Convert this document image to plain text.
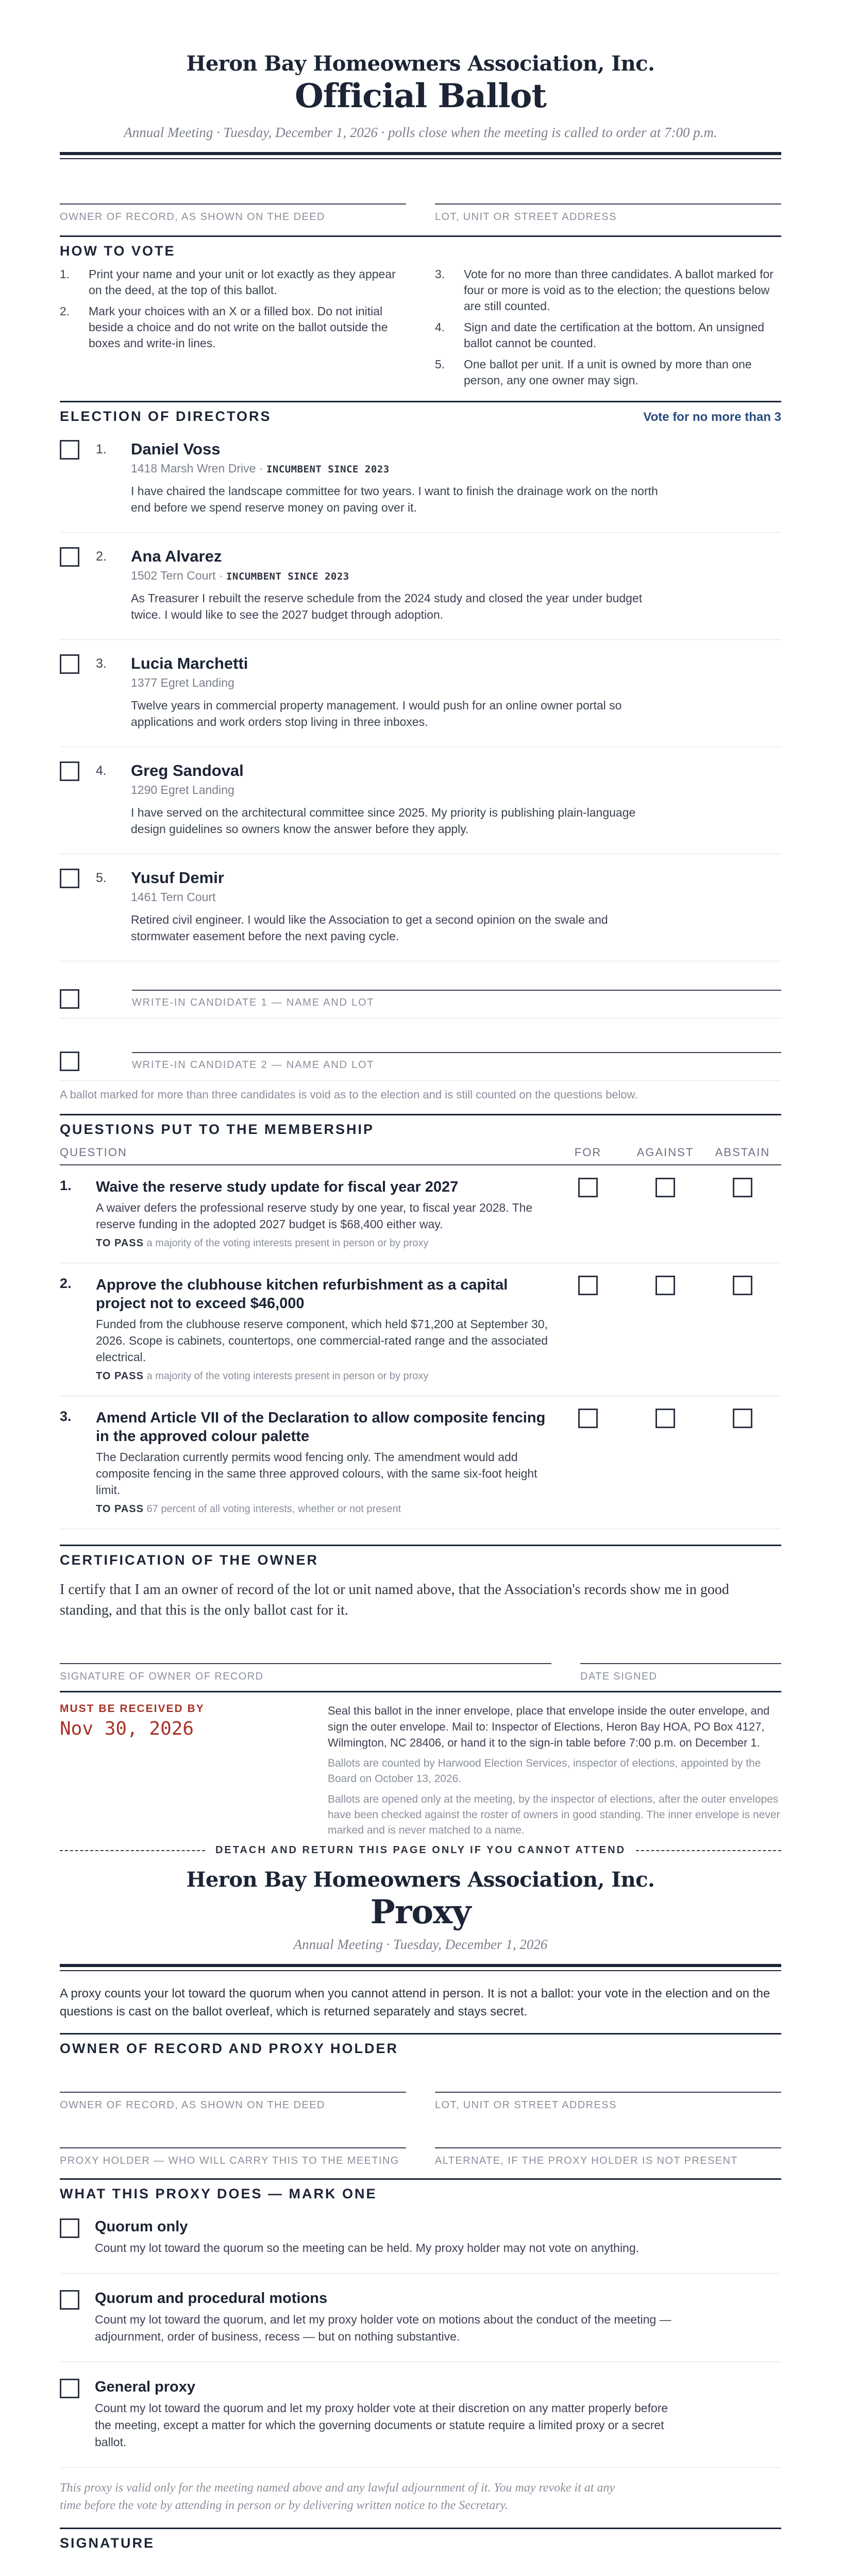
Heron Bay Homeowners Association, Inc.
Official Ballot
Annual Meeting · Tuesday, December 1, 2026 · polls close when the meeting is called to order at 7:00 p.m.
OWNER OF RECORD, AS SHOWN ON THE DEED	LOT, UNIT OR STREET ADDRESS
HOW TO VOTE
1.	Print your name and your unit or lot exactly as they appear on the deed, at the top of this ballot.
2.	Mark your choices with an X or a filled box. Do not initial beside a choice and do not write on the ballot outside the boxes and write-in lines.
3.	Vote for no more than three candidates. A ballot marked for four or more is void as to the election; the questions below are still counted.
4.	Sign and date the certification at the bottom. An unsigned ballot cannot be counted.
5.	One ballot per unit. If a unit is owned by more than one person, any one owner may sign.
ELECTION OF DIRECTORS	Vote for no more than 3
1.	Daniel Voss
1418 Marsh Wren Drive · INCUMBENT SINCE 2023
I have chaired the landscape committee for two years. I want to finish the drainage work on the north end before we spend reserve money on paving over it.
2.	Ana Alvarez
1502 Tern Court · INCUMBENT SINCE 2023
As Treasurer I rebuilt the reserve schedule from the 2024 study and closed the year under budget twice. I would like to see the 2027 budget through adoption.
3.	Lucia Marchetti
1377 Egret Landing
Twelve years in commercial property management. I would push for an online owner portal so applications and work orders stop living in three inboxes.
4.	Greg Sandoval
1290 Egret Landing
I have served on the architectural committee since 2025. My priority is publishing plain-language design guidelines so owners know the answer before they apply.
5.	Yusuf Demir
1461 Tern Court
Retired civil engineer. I would like the Association to get a second opinion on the swale and stormwater easement before the next paving cycle.
WRITE-IN CANDIDATE 1 — NAME AND LOT
WRITE-IN CANDIDATE 2 — NAME AND LOT
A ballot marked for more than three candidates is void as to the election and is still counted on the questions below.
QUESTIONS PUT TO THE MEMBERSHIP
QUESTION	FOR	AGAINST	ABSTAIN
1.	Waive the reserve study update for fiscal year 2027
A waiver defers the professional reserve study by one year, to fiscal year 2028. The reserve funding in the adopted 2027 budget is $68,400 either way.
TO PASS a majority of the voting interests present in person or by proxy
2.	Approve the clubhouse kitchen refurbishment as a capital project not to exceed $46,000
Funded from the clubhouse reserve component, which held $71,200 at September 30, 2026. Scope is cabinets, countertops, one commercial-rated range and the associated electrical.
TO PASS a majority of the voting interests present in person or by proxy
3.	Amend Article VII of the Declaration to allow composite fencing in the approved colour palette
The Declaration currently permits wood fencing only. The amendment would add composite fencing in the same three approved colours, with the same six-foot height limit.
TO PASS 67 percent of all voting interests, whether or not present
CERTIFICATION OF THE OWNER
I certify that I am an owner of record of the lot or unit named above, that the Association's records show me in good standing, and that this is the only ballot cast for it.
SIGNATURE OF OWNER OF RECORD	DATE SIGNED
MUST BE RECEIVED BY
Nov 30, 2026
Seal this ballot in the inner envelope, place that envelope inside the outer envelope, and sign the outer envelope. Mail to: Inspector of Elections, Heron Bay HOA, PO Box 4127, Wilmington, NC 28406, or hand it to the sign-in table before 7:00 p.m. on December 1.
Ballots are counted by Harwood Election Services, inspector of elections, appointed by the Board on October 13, 2026.
Ballots are opened only at the meeting, by the inspector of elections, after the outer envelopes have been checked against the roster of owners in good standing. The inner envelope is never marked and is never matched to a name.
DETACH AND RETURN THIS PAGE ONLY IF YOU CANNOT ATTEND
Heron Bay Homeowners Association, Inc.
Proxy
Annual Meeting · Tuesday, December 1, 2026
A proxy counts your lot toward the quorum when you cannot attend in person. It is not a ballot: your vote in the election and on the questions is cast on the ballot overleaf, which is returned separately and stays secret.
OWNER OF RECORD AND PROXY HOLDER
OWNER OF RECORD, AS SHOWN ON THE DEED	LOT, UNIT OR STREET ADDRESS
PROXY HOLDER — WHO WILL CARRY THIS TO THE MEETING	ALTERNATE, IF THE PROXY HOLDER IS NOT PRESENT
WHAT THIS PROXY DOES — MARK ONE
Quorum only
Count my lot toward the quorum so the meeting can be held. My proxy holder may not vote on anything.
Quorum and procedural motions
Count my lot toward the quorum, and let my proxy holder vote on motions about the conduct of the meeting — adjournment, order of business, recess — but on nothing substantive.
General proxy
Count my lot toward the quorum and let my proxy holder vote at their discretion on any matter properly before the meeting, except a matter for which the governing documents or statute require a limited proxy or a secret ballot.
This proxy is valid only for the meeting named above and any lawful adjournment of it. You may revoke it at any time before the vote by attending in person or by delivering written notice to the Secretary.
SIGNATURE
